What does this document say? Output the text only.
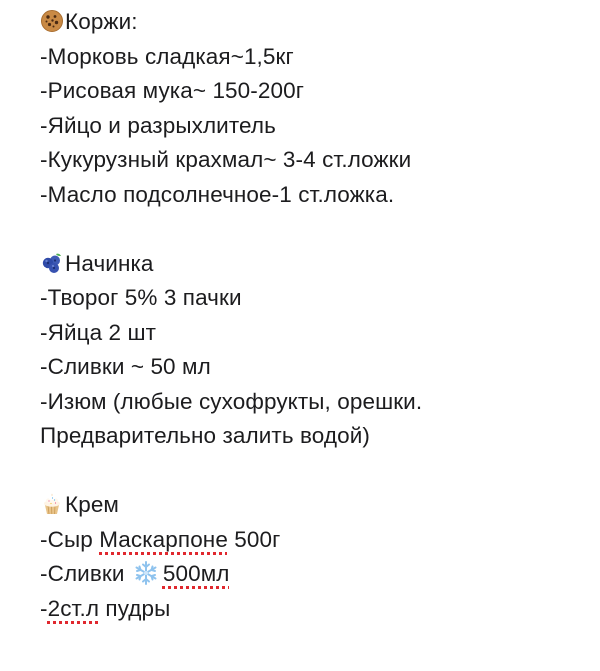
Коржи:
-Морковь сладкая~1,5кг
-Рисовая мука~ 150-200г
-Яйцо и разрыхлитель
-Кукурузный крахмал~ 3-4 ст.ложки
-Масло подсолнечное-1 ст.ложка.
Начинка
-Творог 5% 3 пачки
-Яйца 2 шт
-Сливки ~ 50 мл
-Изюм (любые сухофрукты, орешки.
Предварительно залить водой)
Крем
-Сыр Маскарпоне 500г
-Сливки
500мл
-2ст.л пудры
